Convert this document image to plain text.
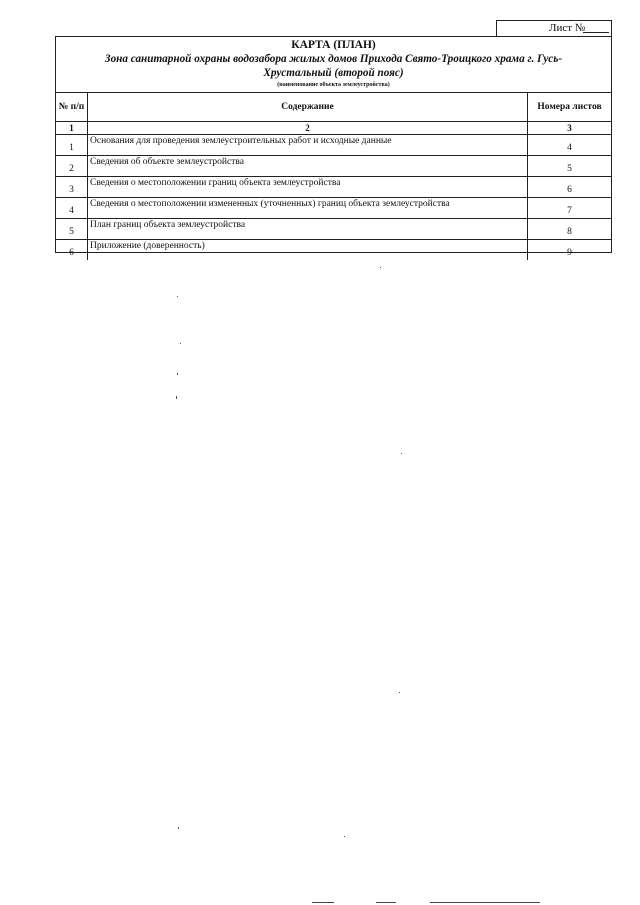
Лист №
КАРТА (ПЛАН)
Зона санитарной охраны водозабора жилых домов Прихода Свято-Троицкого храма г. Гусь-Хрустальный (второй пояс)
(наименование объекта землеустройства)
№ п/п	Содержание	Номера листов
1	2	3
1	Основания для проведения землеустроительных работ и исходные данные	4
2	Сведения об объекте землеустройства	5
3	Сведения о местоположении границ объекта землеустройства	6
4	Сведения о местоположении измененных (уточненных) границ объекта землеустройства	7
5	План границ объекта землеустройства	8
6	Приложение (доверенность)	9
